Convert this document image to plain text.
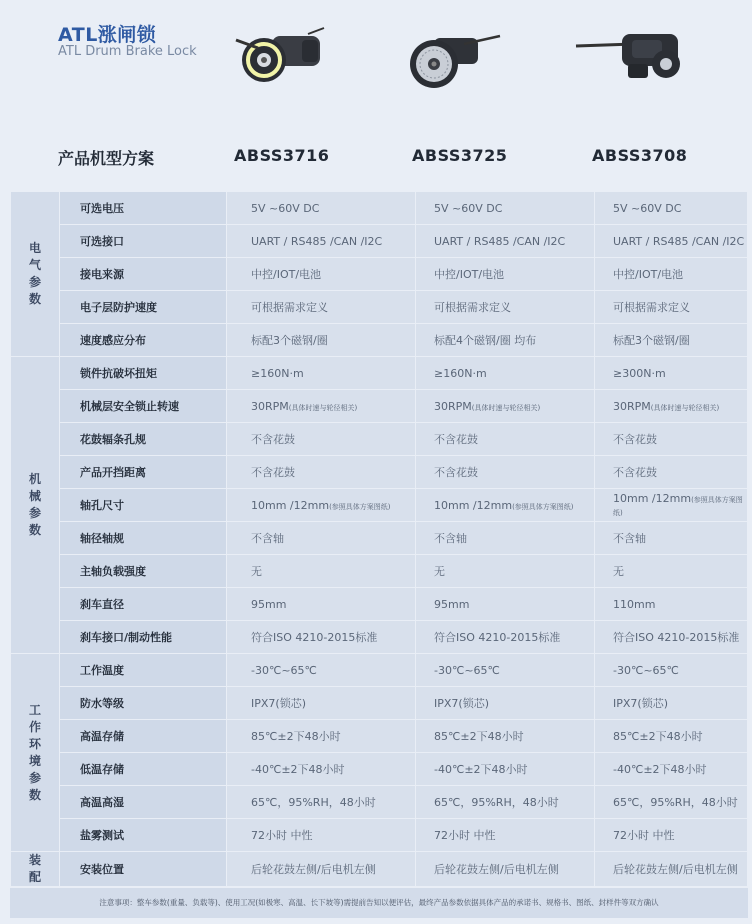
ATL涨闸锁
ATL Drum Brake Lock
产品机型方案	ABSS3716	ABSS3725	ABSS3708
电气参数	可选电压	5V ~60V DC	5V ~60V DC	5V ~60V DC
	可选接口	UART / RS485 /CAN /I2C	UART / RS485 /CAN /I2C	UART / RS485 /CAN /I2C
	接电来源	中控/IOT/电池	中控/IOT/电池	中控/IOT/电池
	电子层防护速度	可根据需求定义	可根据需求定义	可根据需求定义
	速度感应分布	标配3个磁钢/圈	标配4个磁钢/圈 均布	标配3个磁钢/圈
机械参数	锁件抗破坏扭矩	≥160N·m	≥160N·m	≥300N·m
	机械层安全锁止转速	30RPM(具体时速与轮径相关)	30RPM(具体时速与轮径相关)	30RPM(具体时速与轮径相关)
	花鼓辐条孔规	不含花鼓	不含花鼓	不含花鼓
	产品开挡距离	不含花鼓	不含花鼓	不含花鼓
	轴孔尺寸	10mm /12mm(参照具体方案图纸)	10mm /12mm(参照具体方案图纸)	10mm /12mm(参照具体方案图纸)
	轴径轴规	不含轴	不含轴	不含轴
	主轴负载强度	无	无	无
	刹车直径	95mm	95mm	110mm
	刹车接口/制动性能	符合ISO 4210-2015标准	符合ISO 4210-2015标准	符合ISO 4210-2015标准
工作环境参数	工作温度	-30℃~65℃	-30℃~65℃	-30℃~65℃
	防水等级	IPX7(锁芯)	IPX7(锁芯)	IPX7(锁芯)
	高温存储	85℃±2下48小时	85℃±2下48小时	85℃±2下48小时
	低温存储	-40℃±2下48小时	-40℃±2下48小时	-40℃±2下48小时
	高温高湿	65℃，95%RH，48小时	65℃，95%RH，48小时	65℃，95%RH，48小时
	盐雾测试	72小时 中性	72小时 中性	72小时 中性
装配	安装位置	后轮花鼓左侧/后电机左侧	后轮花鼓左侧/后电机左侧	后轮花鼓左侧/后电机左侧
注意事项：整车参数(重量、负载等)、使用工况(如极寒、高温、长下坡等)需提前告知以便评估，最终产品参数依据具体产品的承诺书、规格书、图纸、封样件等双方确认
